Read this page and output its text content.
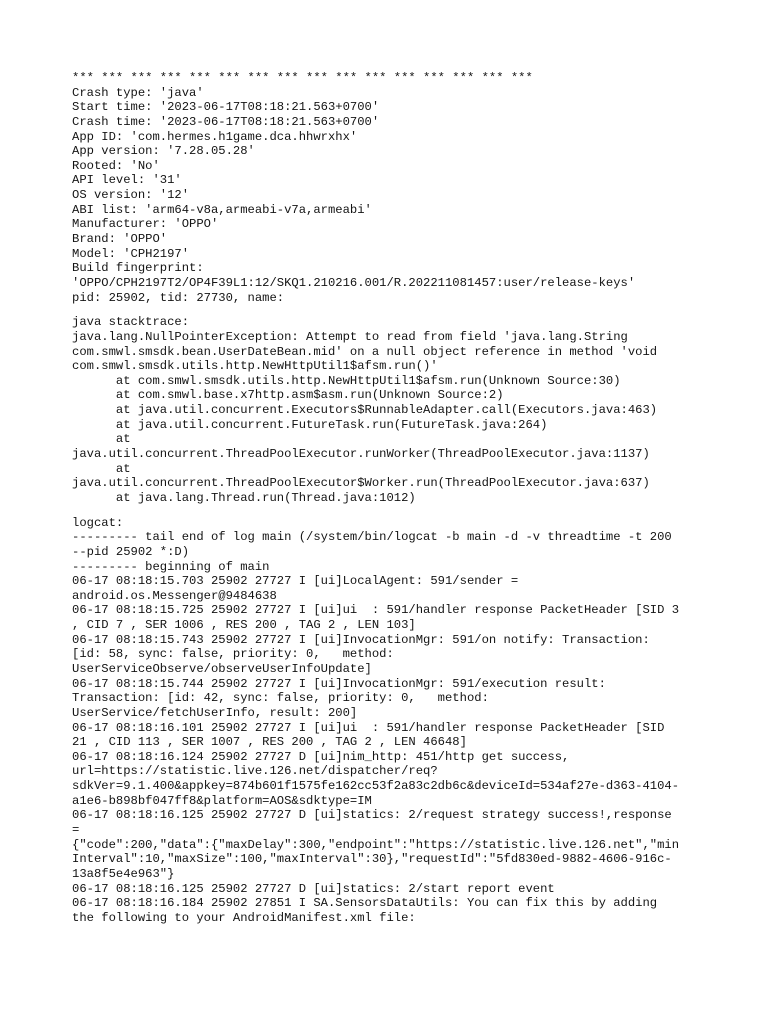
*** *** *** *** *** *** *** *** *** *** *** *** *** *** *** ***
Crash type: 'java'
Start time: '2023-06-17T08:18:21.563+0700'
Crash time: '2023-06-17T08:18:21.563+0700'
App ID: 'com.hermes.h1game.dca.hhwrxhx'
App version: '7.28.05.28'
Rooted: 'No'
API level: '31'
OS version: '12'
ABI list: 'arm64-v8a,armeabi-v7a,armeabi'
Manufacturer: 'OPPO'
Brand: 'OPPO'
Model: 'CPH2197'
Build fingerprint:
'OPPO/CPH2197T2/OP4F39L1:12/SKQ1.210216.001/R.202211081457:user/release-keys'
pid: 25902, tid: 27730, name:
java stacktrace:
java.lang.NullPointerException: Attempt to read from field 'java.lang.String
com.smwl.smsdk.bean.UserDateBean.mid' on a null object reference in method 'void
com.smwl.smsdk.utils.http.NewHttpUtil1$afsm.run()'
at com.smwl.smsdk.utils.http.NewHttpUtil1$afsm.run(Unknown Source:30)
at com.smwl.base.x7http.asm$asm.run(Unknown Source:2)
at java.util.concurrent.Executors$RunnableAdapter.call(Executors.java:463)
at java.util.concurrent.FutureTask.run(FutureTask.java:264)
at
java.util.concurrent.ThreadPoolExecutor.runWorker(ThreadPoolExecutor.java:1137)
at
java.util.concurrent.ThreadPoolExecutor$Worker.run(ThreadPoolExecutor.java:637)
at java.lang.Thread.run(Thread.java:1012)
logcat:
--------- tail end of log main (/system/bin/logcat -b main -d -v threadtime -t 200
--pid 25902 *:D)
--------- beginning of main
06-17 08:18:15.703 25902 27727 I [ui]LocalAgent: 591/sender =
android.os.Messenger@9484638
06-17 08:18:15.725 25902 27727 I [ui]ui  : 591/handler response PacketHeader [SID 3
, CID 7 , SER 1006 , RES 200 , TAG 2 , LEN 103]
06-17 08:18:15.743 25902 27727 I [ui]InvocationMgr: 591/on notify: Transaction:
[id: 58, sync: false, priority: 0,   method:
UserServiceObserve/observeUserInfoUpdate]
06-17 08:18:15.744 25902 27727 I [ui]InvocationMgr: 591/execution result:
Transaction: [id: 42, sync: false, priority: 0,   method:
UserService/fetchUserInfo, result: 200]
06-17 08:18:16.101 25902 27727 I [ui]ui  : 591/handler response PacketHeader [SID
21 , CID 113 , SER 1007 , RES 200 , TAG 2 , LEN 46648]
06-17 08:18:16.124 25902 27727 D [ui]nim_http: 451/http get success,
url=https://statistic.live.126.net/dispatcher/req?
sdkVer=9.1.400&appkey=874b601f1575fe162cc53f2a83c2db6c&deviceId=534af27e-d363-4104-
a1e6-b898bf047ff8&platform=AOS&sdktype=IM
06-17 08:18:16.125 25902 27727 D [ui]statics: 2/request strategy success!,response
=
{"code":200,"data":{"maxDelay":300,"endpoint":"https://statistic.live.126.net","min
Interval":10,"maxSize":100,"maxInterval":30},"requestId":"5fd830ed-9882-4606-916c-
13a8f5e4e963"}
06-17 08:18:16.125 25902 27727 D [ui]statics: 2/start report event
06-17 08:18:16.184 25902 27851 I SA.SensorsDataUtils: You can fix this by adding
the following to your AndroidManifest.xml file:
